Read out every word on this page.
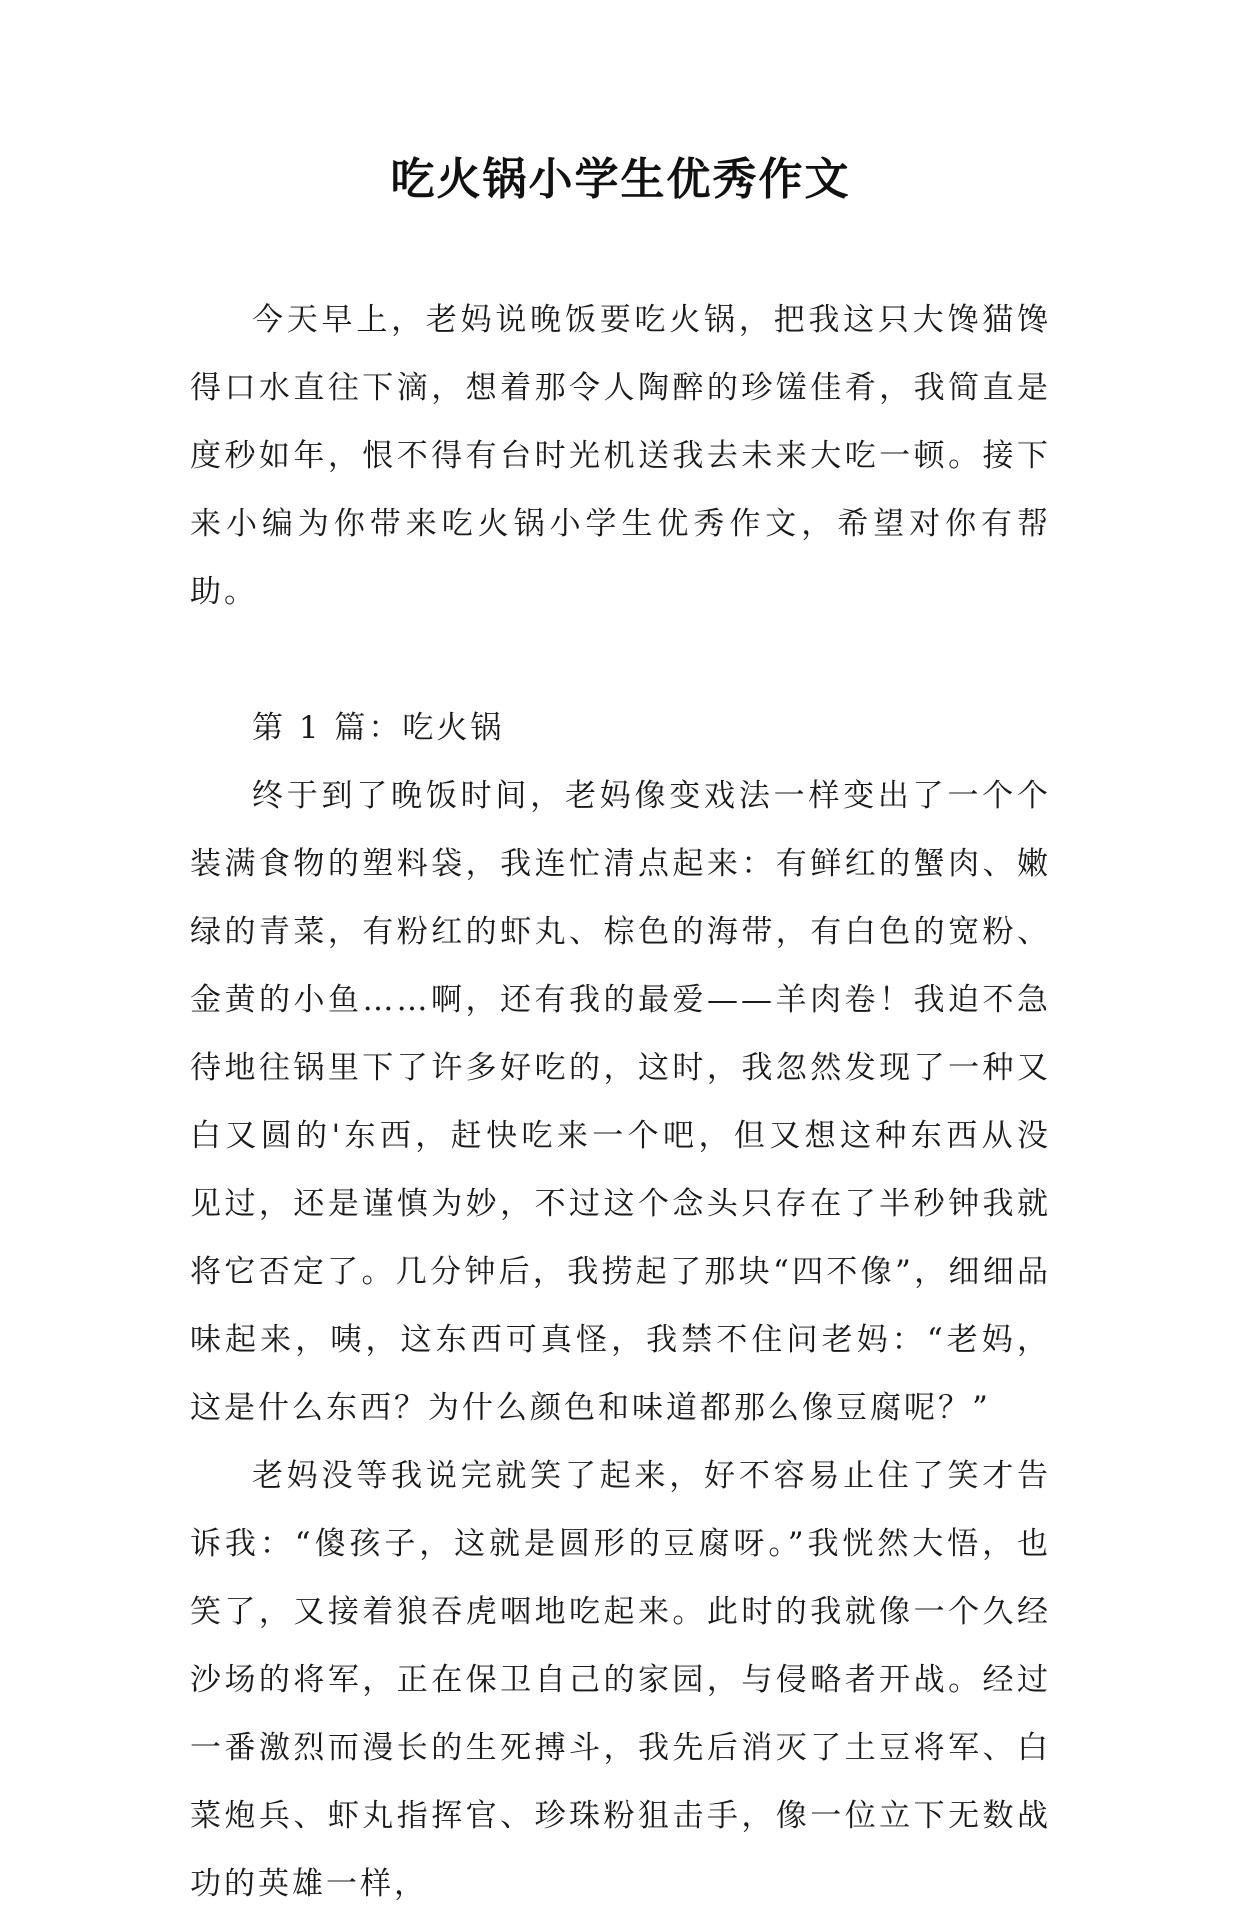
吃火锅小学生优秀作文

今天早上，老妈说晚饭要吃火锅，把我这只大馋猫馋得口水直往下滴，想着那令人陶醉的珍馐佳肴，我简直是度秒如年，恨不得有台时光机送我去未来大吃一顿。接下来小编为你带来吃火锅小学生优秀作文，希望对你有帮助。

第 1 篇：吃火锅

终于到了晚饭时间，老妈像变戏法一样变出了一个个装满食物的塑料袋，我连忙清点起来：有鲜红的蟹肉、嫩绿的青菜，有粉红的虾丸、棕色的海带，有白色的宽粉、金黄的小鱼……啊，还有我的最爱——羊肉卷！我迫不急待地往锅里下了许多好吃的，这时，我忽然发现了一种又白又圆的'东西，赶快吃来一个吧，但又想这种东西从没见过，还是谨慎为妙，不过这个念头只存在了半秒钟我就将它否定了。几分钟后，我捞起了那块“四不像”，细细品味起来，咦，这东西可真怪，我禁不住问老妈：“老妈，这是什么东西？为什么颜色和味道都那么像豆腐呢？”

老妈没等我说完就笑了起来，好不容易止住了笑才告诉我：“傻孩子，这就是圆形的豆腐呀。”我恍然大悟，也笑了，又接着狼吞虎咽地吃起来。此时的我就像一个久经沙场的将军，正在保卫自己的家园，与侵略者开战。经过一番激烈而漫长的生死搏斗，我先后消灭了土豆将军、白菜炮兵、虾丸指挥官、珍珠粉狙击手，像一位立下无数战功的英雄一样，
